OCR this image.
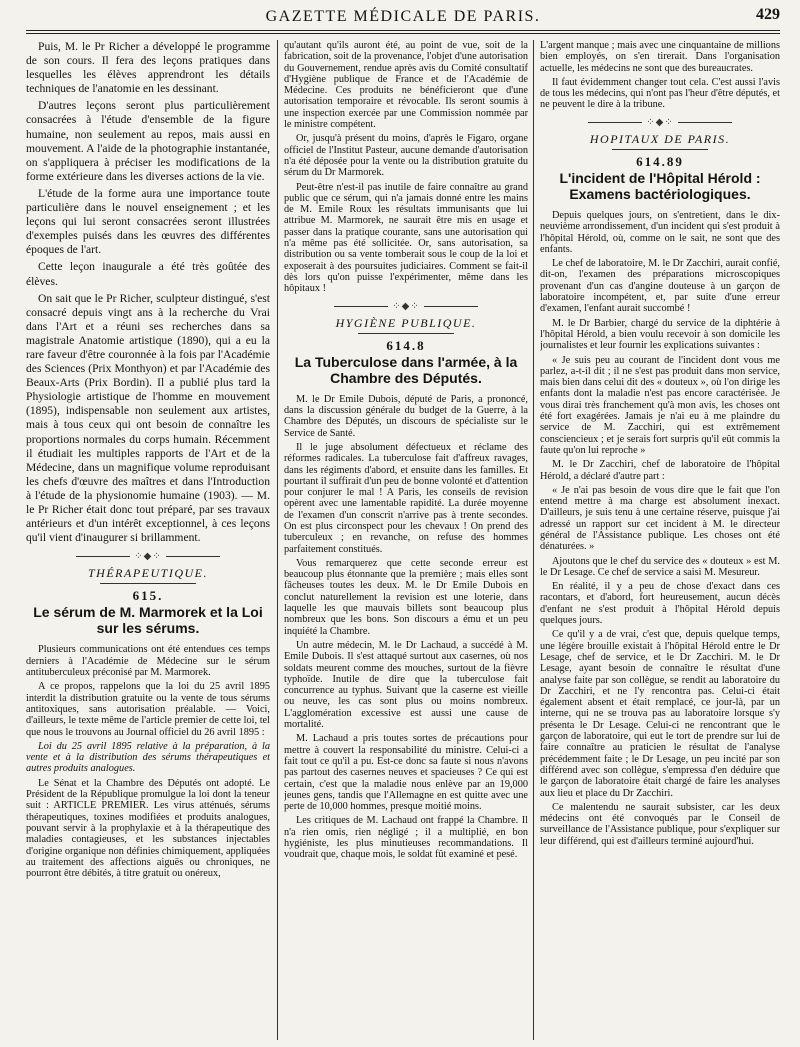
GAZETTE MÉDICALE DE PARIS.	429

Puis, M. le Pr Richer a développé le programme de son cours. Il fera des leçons pratiques dans lesquelles les élèves apprendront les détails techniques de l'anatomie en les dessinant.

D'autres leçons seront plus particulièrement consacrées à l'étude d'ensemble de la figure humaine, non seulement au repos, mais aussi en mouvement. A l'aide de la photographie instantanée, on s'appliquera à préciser les modifications de la forme extérieure dans les diverses actions de la vie.

L'étude de la forme aura une importance toute particulière dans le nouvel enseignement ; et les leçons qui lui seront consacrées seront illustrées d'exemples puisés dans les œuvres des différentes époques de l'art.

Cette leçon inaugurale a été très goûtée des élèves.

On sait que le Pr Richer, sculpteur distingué, s'est consacré depuis vingt ans à la recherche du Vrai dans l'Art et a réuni ses recherches dans sa magistrale Anatomie artistique (1890), qui a eu la rare faveur d'être couronnée à la fois par l'Académie des Sciences (Prix Monthyon) et par l'Académie des Beaux-Arts (Prix Bordin). Il a publié plus tard la Physiologie artistique de l'homme en mouvement (1895), indispensable non seulement aux artistes, mais à tous ceux qui ont besoin de connaître les proportions normales du corps humain. Récemment il étudiait les multiples rapports de l'Art et de la Médecine, dans un magnifique volume reproduisant les chefs d'œuvre des maîtres et dans l'Introduction à l'étude de la physionomie humaine (1903). — M. le Pr Richer était donc tout préparé, par ses travaux antérieurs et d'un intérêt exceptionnel, à ces leçons qu'il vient d'inaugurer si brillamment.

⁘◆⁘
THÉRAPEUTIQUE.
615.
Le sérum de M. Marmorek et la Loi sur les sérums.

Plusieurs communications ont été entendues ces temps derniers à l'Académie de Médecine sur le sérum antituberculeux préconisé par M. Marmorek.

A ce propos, rappelons que la loi du 25 avril 1895 interdit la distribution gratuite ou la vente de tous sérums antitoxiques, sans autorisation préalable. — Voici, d'ailleurs, le texte même de l'article premier de cette loi, tel que nous le trouvons au Journal officiel du 26 avril 1895 :

Loi du 25 avril 1895 relative à la préparation, à la vente et à la distribution des sérums thérapeutiques et autres produits analogues.

Le Sénat et la Chambre des Députés ont adopté. Le Président de la République promulgue la loi dont la teneur suit : ARTICLE PREMIER. Les virus atténués, sérums thérapeutiques, toxines modifiées et produits analogues, pouvant servir à la prophylaxie et à la thérapeutique des maladies contagieuses, et les substances injectables d'origine organique non définies chimiquement, appliquées au traitement des affections aiguës ou chroniques, ne pourront être débités, à titre gratuit ou onéreux,

qu'autant qu'ils auront été, au point de vue, soit de la fabrication, soit de la provenance, l'objet d'une autorisation du Gouvernement, rendue après avis du Comité consultatif d'Hygiène publique de France et de l'Académie de Médecine. Ces produits ne bénéficieront que d'une autorisation temporaire et révocable. Ils seront soumis à une inspection exercée par une Commission nommée par le ministre compétent.

Or, jusqu'à présent du moins, d'après le Figaro, organe officiel de l'Institut Pasteur, aucune demande d'autorisation n'a été déposée pour la vente ou la distribution gratuite du sérum du Dr Marmorek.

Peut-être n'est-il pas inutile de faire connaître au grand public que ce sérum, qui n'a jamais donné entre les mains de M. Emile Roux les résultats immunisants que lui attribue M. Marmorek, ne saurait être mis en usage et passer dans la pratique courante, sans une autorisation qui n'a même pas été sollicitée. Or, sans autorisation, sa distribution ou sa vente tomberait sous le coup de la loi et exposerait à des poursuites judiciaires. Comment se fait-il dès lors qu'on puisse l'expérimenter, même dans les hôpitaux !

⁘◆⁘
HYGIÈNE PUBLIQUE.
614.8
La Tuberculose dans l'armée, à la Chambre des Députés.

M. le Dr Emile Dubois, député de Paris, a prononcé, dans la discussion générale du budget de la Guerre, à la Chambre des Députés, un discours de spécialiste sur le Service de Santé.

Il le juge absolument défectueux et réclame des réformes radicales. La tuberculose fait d'affreux ravages, dans les régiments d'abord, et ensuite dans les familles. Et pourtant il suffirait d'un peu de bonne volonté et d'attention pour conjurer le mal ! A Paris, les conseils de revision opèrent avec une lamentable rapidité. La durée moyenne de l'examen d'un conscrit n'arrive pas à trente secondes. On est plus circonspect pour les chevaux ! On prend des tuberculeux ; en revanche, on refuse des hommes parfaitement constitués.

Vous remarquerez que cette seconde erreur est beaucoup plus étonnante que la première ; mais elles sont fâcheuses toutes les deux. M. le Dr Emile Dubois en conclut naturellement la revision est une loterie, dans laquelle les que mauvais billets sont beaucoup plus nombreux que les bons. Son discours a ému et un peu inquiété la Chambre.

Un autre médecin, M. le Dr Lachaud, a succédé à M. Emile Dubois. Il s'est attaqué surtout aux casernes, où nos soldats meurent comme des mouches, surtout de la fièvre typhoïde. Inutile de dire que la tuberculose fait concurrence au typhus. Suivant que la caserne est vieille ou neuve, les cas sont plus ou moins nombreux. L'agglomération excessive est aussi une cause de mortalité.

M. Lachaud a pris toutes sortes de précautions pour mettre à couvert la responsabilité du ministre. Celui-ci a fait tout ce qu'il a pu. Est-ce donc sa faute si nous n'avons pas partout des casernes neuves et spacieuses ? Ce qui est certain, c'est que la maladie nous enlève par an 19,000 jeunes gens, tandis que l'Allemagne en est quitte avec une perte de 10,000 hommes, presque moitié moins.

Les critiques de M. Lachaud ont frappé la Chambre. Il n'a rien omis, rien négligé ; il a multiplié, en bon hygiéniste, les plus minutieuses recommandations. Il voudrait que, chaque mois, le soldat fût examiné et pesé.

L'argent manque ; mais avec une cinquantaine de millions bien employés, on s'en tirerait. Dans l'organisation actuelle, les médecins ne sont que des bureaucrates.

Il faut évidemment changer tout cela. C'est aussi l'avis de tous les médecins, qui n'ont pas l'heur d'être députés, et ne peuvent le dire à la tribune.

⁘◆⁘
HOPITAUX DE PARIS.
614.89
L'incident de l'Hôpital Hérold : Examens bactériologiques.

Depuis quelques jours, on s'entretient, dans le dix-neuvième arrondissement, d'un incident qui s'est produit à l'hôpital Hérold, où, comme on le sait, ne sont que des enfants.

Le chef de laboratoire, M. le Dr Zacchiri, aurait confié, dit-on, l'examen des préparations microscopiques provenant d'un cas d'angine douteuse à un garçon de laboratoire incompétent, et, par suite d'une erreur d'examen, l'enfant aurait succombé !

M. le Dr Barbier, chargé du service de la diphtérie à l'hôpital Hérold, a bien voulu recevoir à son domicile les journalistes et leur fournir les explications suivantes :

« Je suis peu au courant de l'incident dont vous me parlez, a-t-il dit ; il ne s'est pas produit dans mon service, mais bien dans celui dit des « douteux », où l'on dirige les enfants dont la maladie n'est pas encore caractérisée. Je vous dirai très franchement qu'à mon avis, les choses ont été fort exagérées. Jamais je n'ai eu à me plaindre du service de M. Zacchiri, qui est extrêmement consciencieux ; et je serais fort surpris qu'il eût commis la faute qu'on lui reproche »

M. le Dr Zacchiri, chef de laboratoire de l'hôpital Hérold, a déclaré d'autre part :

« Je n'ai pas besoin de vous dire que le fait que l'on entend mettre à ma charge est absolument inexact. D'ailleurs, je suis tenu à une certaine réserve, puisque j'ai adressé un rapport sur cet incident à M. le directeur général de l'Assistance publique. Les choses ont été dénaturées. »

Ajoutons que le chef du service des « douteux » est M. le Dr Lesage. Ce chef de service a saisi M. Mesureur.

En réalité, il y a peu de chose d'exact dans ces racontars, et d'abord, fort heureusement, aucun décès d'enfant ne s'est produit à l'hôpital Hérold depuis quelques jours.

Ce qu'il y a de vrai, c'est que, depuis quelque temps, une légère brouille existait à l'hôpital Hérold entre le Dr Lesage, chef de service, et le Dr Zacchiri. M. le Dr Lesage, ayant besoin de connaître le résultat d'une analyse faite par son collègue, se rendit au laboratoire du Dr Zacchiri, et ne l'y rencontra pas. Celui-ci était également absent et était remplacé, ce jour-là, par un interne, qui ne se trouva pas au laboratoire lorsque s'y présenta le Dr Lesage. Celui-ci ne rencontrant que le garçon de laboratoire, qui eut le tort de prendre sur lui de faire connaître au praticien le résultat de l'analyse précédemment faite ; le Dr Lesage, un peu incité par son différend avec son collègue, s'empressa d'en déduire que le garçon de laboratoire était chargé de faire les analyses aux lieu et place du Dr Zacchiri.

Ce malentendu ne saurait subsister, car les deux médecins ont été convoqués par le Conseil de surveillance de l'Assistance publique, pour s'expliquer sur leur différend, qui est d'ailleurs terminé aujourd'hui.
